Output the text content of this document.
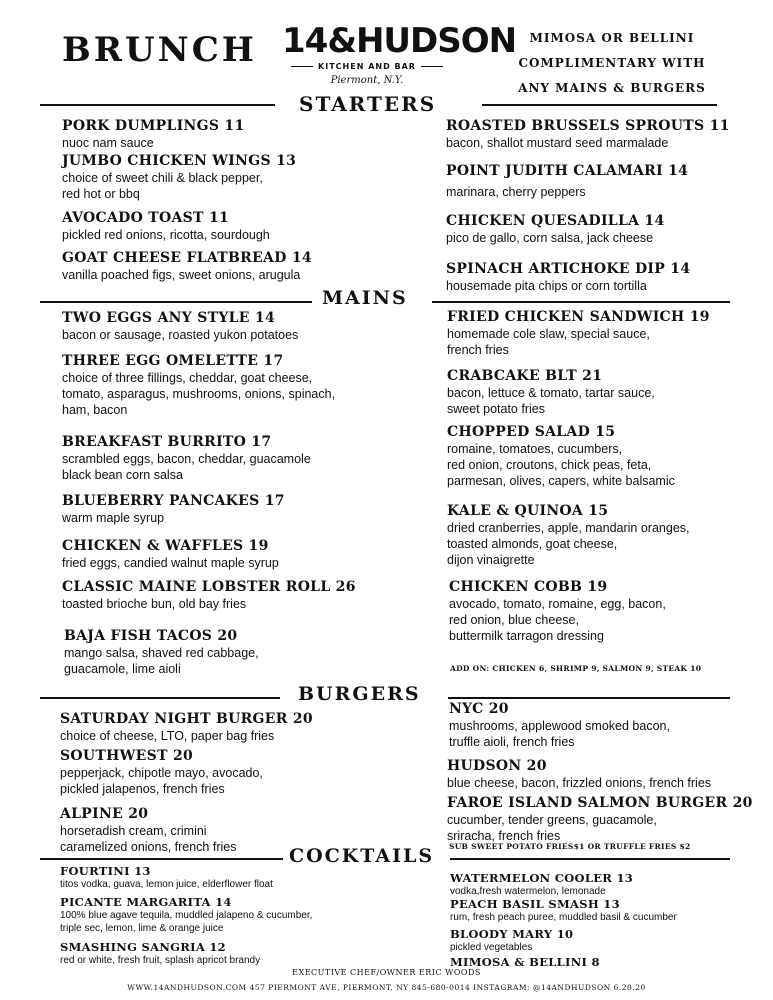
BRUNCH 14&HUDSON
KITCHEN AND BAR
Piermont, N.Y.
MIMOSA OR BELLINI
COMPLIMENTARY WITH
ANY MAINS & BURGERS
STARTERS
MAINS
BURGERS
COCKTAILS
PORK DUMPLINGS 11
nuoc nam sauce
JUMBO CHICKEN WINGS 13
choice of sweet chili & black pepper,
red hot or bbq
AVOCADO TOAST 11
pickled red onions, ricotta, sourdough
GOAT CHEESE FLATBREAD 14
vanilla poached figs, sweet onions, arugula
ROASTED BRUSSELS SPROUTS 11
bacon, shallot mustard seed marmalade
POINT JUDITH CALAMARI 14
marinara, cherry peppers
CHICKEN QUESADILLA 14
pico de gallo, corn salsa, jack cheese
SPINACH ARTICHOKE DIP 14
housemade pita chips or corn tortilla
TWO EGGS ANY STYLE 14
bacon or sausage, roasted yukon potatoes
THREE EGG OMELETTE 17
choice of three fillings, cheddar, goat cheese,
tomato, asparagus, mushrooms, onions, spinach,
ham, bacon
BREAKFAST BURRITO 17
scrambled eggs, bacon, cheddar, guacamole
black bean corn salsa
BLUEBERRY PANCAKES 17
warm maple syrup
CHICKEN & WAFFLES 19
fried eggs, candied walnut maple syrup
CLASSIC MAINE LOBSTER ROLL 26
toasted brioche bun, old bay fries
BAJA FISH TACOS 20
mango salsa, shaved red cabbage,
guacamole, lime aioli
FRIED CHICKEN SANDWICH 19
homemade cole slaw, special sauce,
french fries
CRABCAKE BLT 21
bacon, lettuce & tomato, tartar sauce,
sweet potato fries
CHOPPED SALAD 15
romaine, tomatoes, cucumbers,
red onion, croutons, chick peas, feta,
parmesan, olives, capers, white balsamic
KALE & QUINOA 15
dried cranberries, apple, mandarin oranges,
toasted almonds, goat cheese,
dijon vinaigrette
CHICKEN COBB 19
avocado, tomato, romaine, egg, bacon,
red onion, blue cheese,
buttermilk tarragon dressing
ADD ON: CHICKEN 6, SHRIMP 9, SALMON 9, STEAK 10
SATURDAY NIGHT BURGER 20
choice of cheese, LTO, paper bag fries
SOUTHWEST 20
pepperjack, chipotle mayo, avocado,
pickled jalapenos, french fries
ALPINE 20
horseradish cream, crimini
caramelized onions, french fries
NYC 20
mushrooms, applewood smoked bacon,
truffle aioli, french fries
HUDSON 20
blue cheese, bacon, frizzled onions, french fries
FAROE ISLAND SALMON BURGER 20
cucumber, tender greens, guacamole,
sriracha, french fries
SUB SWEET POTATO FRIES$1 OR TRUFFLE FRIES $2
FOURTINI 13
titos vodka, guava, lemon juice, elderflower float
PICANTE MARGARITA 14
100% blue agave tequila, muddled jalapeno & cucumber,
triple sec, lemon, lime & orange juice
SMASHING SANGRIA 12
red or white, fresh fruit, splash apricot brandy
WATERMELON COOLER 13
vodka,fresh watermelon, lemonade
PEACH BASIL SMASH 13
rum, fresh peach puree, muddled basil & cucumber
BLOODY MARY 10
pickled vegetables
MIMOSA & BELLINI 8
EXECUTIVE CHEF/OWNER ERIC WOODS
WWW.14ANDHUDSON.COM 457 PIERMONT AVE, PIERMONT, NY 845-680-0014 INSTAGRAM: @14ANDHUDSON 6.20.20
